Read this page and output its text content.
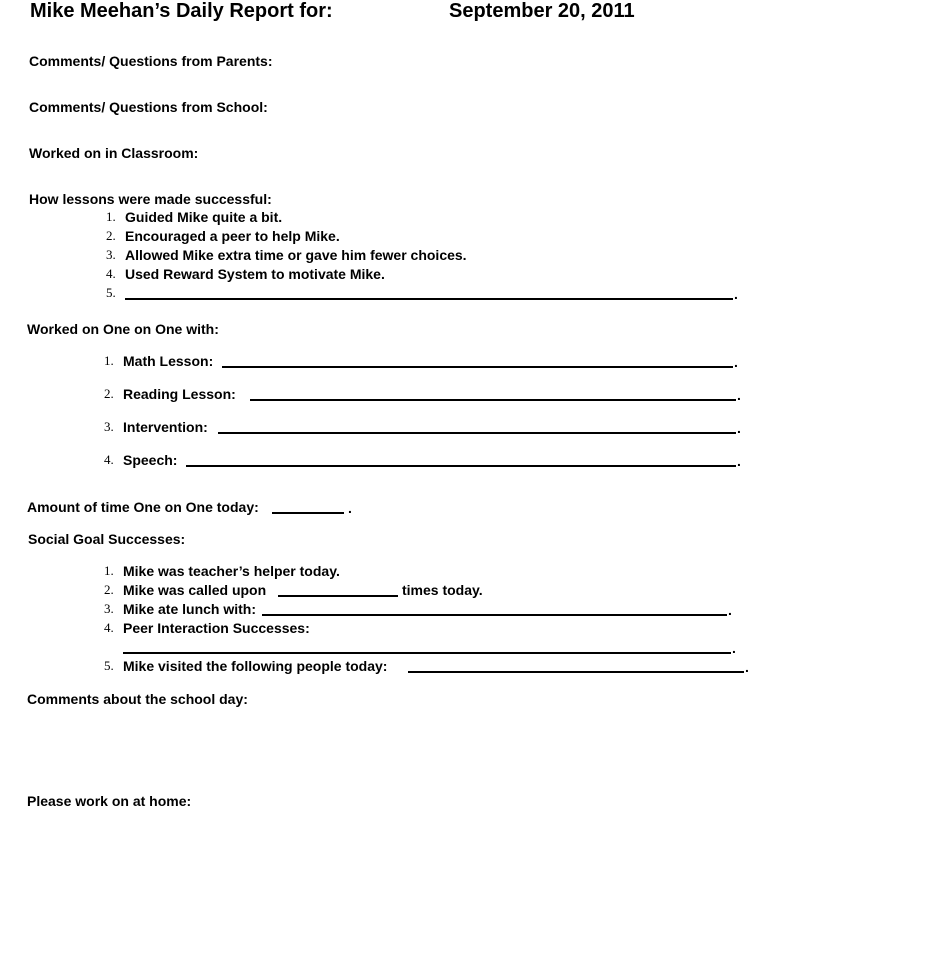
Mike Meehan’s Daily Report for:	September 20, 2011
Comments/ Questions from Parents:
Comments/ Questions from School:
Worked on in Classroom:
How lessons were made successful:
1. Guided Mike quite a bit.
2. Encouraged a peer to help Mike.
3. Allowed Mike extra time or gave him fewer choices.
4. Used Reward System to motivate Mike.
5.	.
Worked on One on One with:
1. Math Lesson:	.
2. Reading Lesson:	.
3. Intervention:	.
4. Speech:	.
Amount of time One on One today:	.
Social Goal Successes:
1. Mike was teacher’s helper today.
2. Mike was called upon	times today.
3. Mike ate lunch with:	.
4. Peer Interaction Successes:
.
5. Mike visited the following people today:	.
Comments about the school day:
Please work on at home:
